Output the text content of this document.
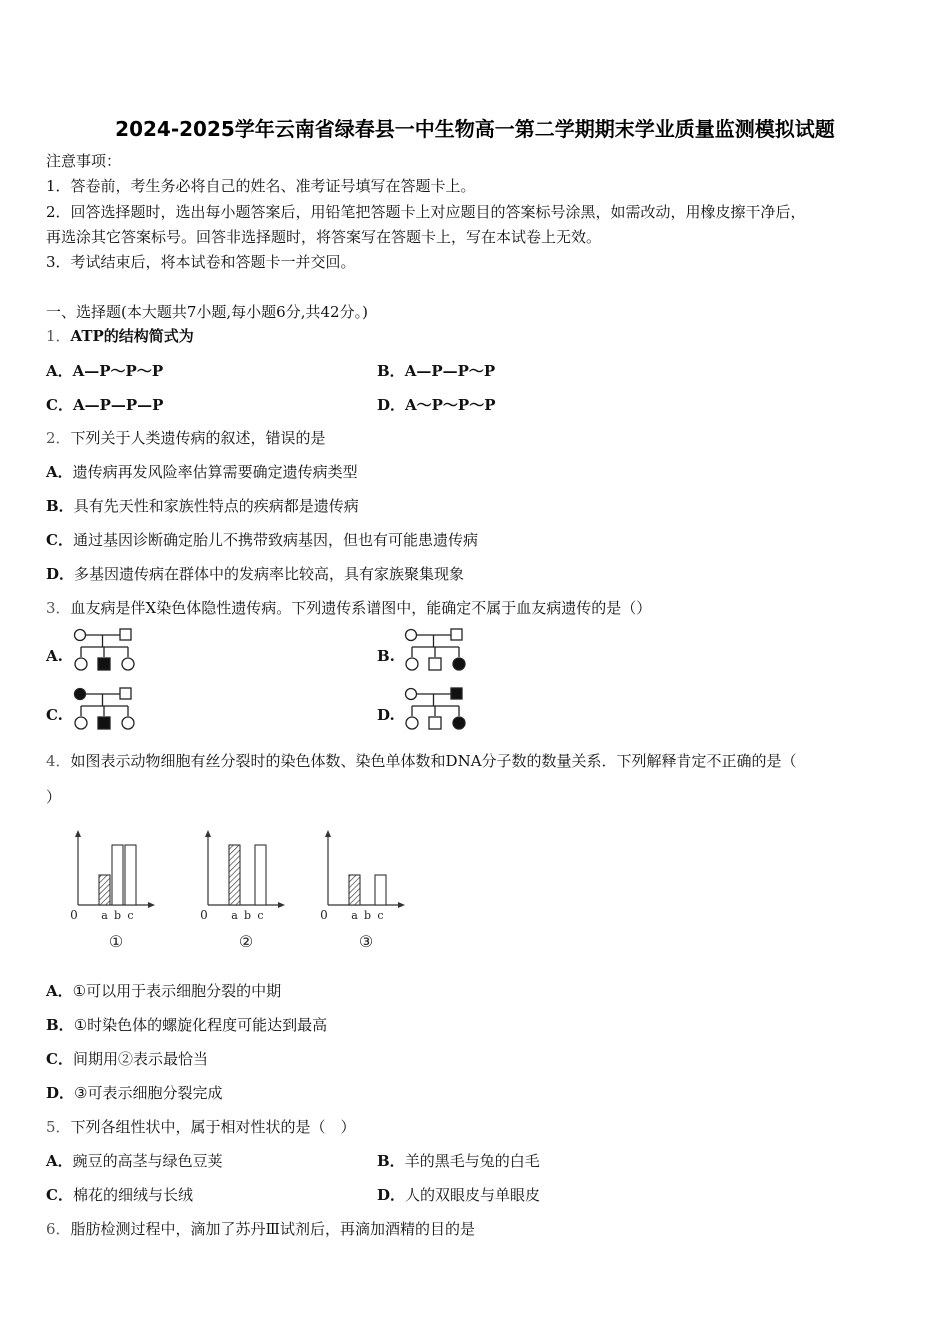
2024-2025学年云南省绿春县一中生物高一第二学期期末学业质量监测模拟试题
注意事项：
1．答卷前，考生务必将自己的姓名、准考证号填写在答题卡上。
2．回答选择题时，选出每小题答案后，用铅笔把答题卡上对应题目的答案标号涂黑，如需改动，用橡皮擦干净后，
再选涂其它答案标号。回答非选择题时，将答案写在答题卡上，写在本试卷上无效。
3．考试结束后，将本试卷和答题卡一并交回。
一、选择题(本大题共7小题,每小题6分,共42分。)
1．ATP的结构简式为
A．A—P～P～P	B．A—P—P～P
C．A—P—P—P	D．A～P～P～P
2．下列关于人类遗传病的叙述，错误的是
A．遗传病再发风险率估算需要确定遗传病类型
B．具有先天性和家族性特点的疾病都是遗传病
C．通过基因诊断确定胎儿不携带致病基因，但也有可能患遗传病
D．多基因遗传病在群体中的发病率比较高，具有家族聚集现象
3．血友病是伴X染色体隐性遗传病。下列遗传系谱图中，能确定不属于血友病遗传的是（）
A.	B.
C.	D.
4．如图表示动物细胞有丝分裂时的染色体数、染色单体数和DNA分子数的数量关系．下列解释肯定不正确的是（
）
0 a b c
①
0 a b c
②
0 a b c
③
A．①可以用于表示细胞分裂的中期
B．①时染色体的螺旋化程度可能达到最高
C．间期用②表示最恰当
D．③可表示细胞分裂完成
5．下列各组性状中，属于相对性状的是（　）
A．豌豆的高茎与绿色豆荚	B．羊的黑毛与兔的白毛
C．棉花的细绒与长绒	D．人的双眼皮与单眼皮
6．脂肪检测过程中，滴加了苏丹Ⅲ试剂后，再滴加酒精的目的是
